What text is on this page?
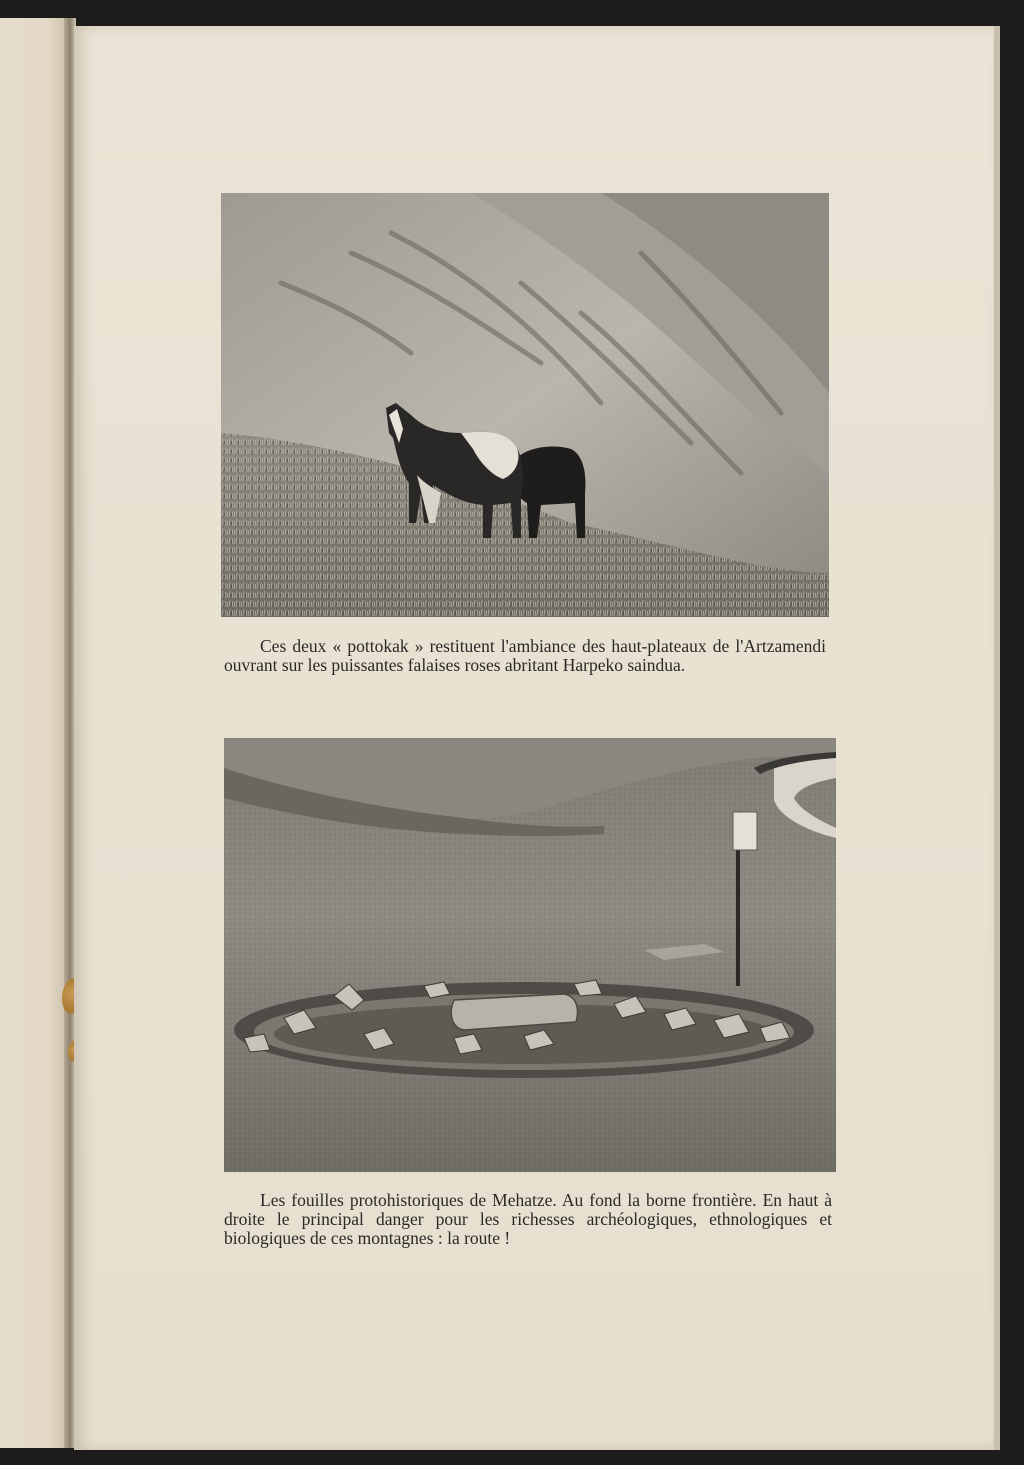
Ces deux « pottokak » restituent l'ambiance des haut-plateaux de l'Artzamendi ouvrant sur les puissantes falaises roses abritant Harpeko saindua.

Les fouilles protohistoriques de Mehatze. Au fond la borne frontière. En haut à droite le principal danger pour les richesses archéologiques, ethnologiques et biologiques de ces montagnes : la route !
